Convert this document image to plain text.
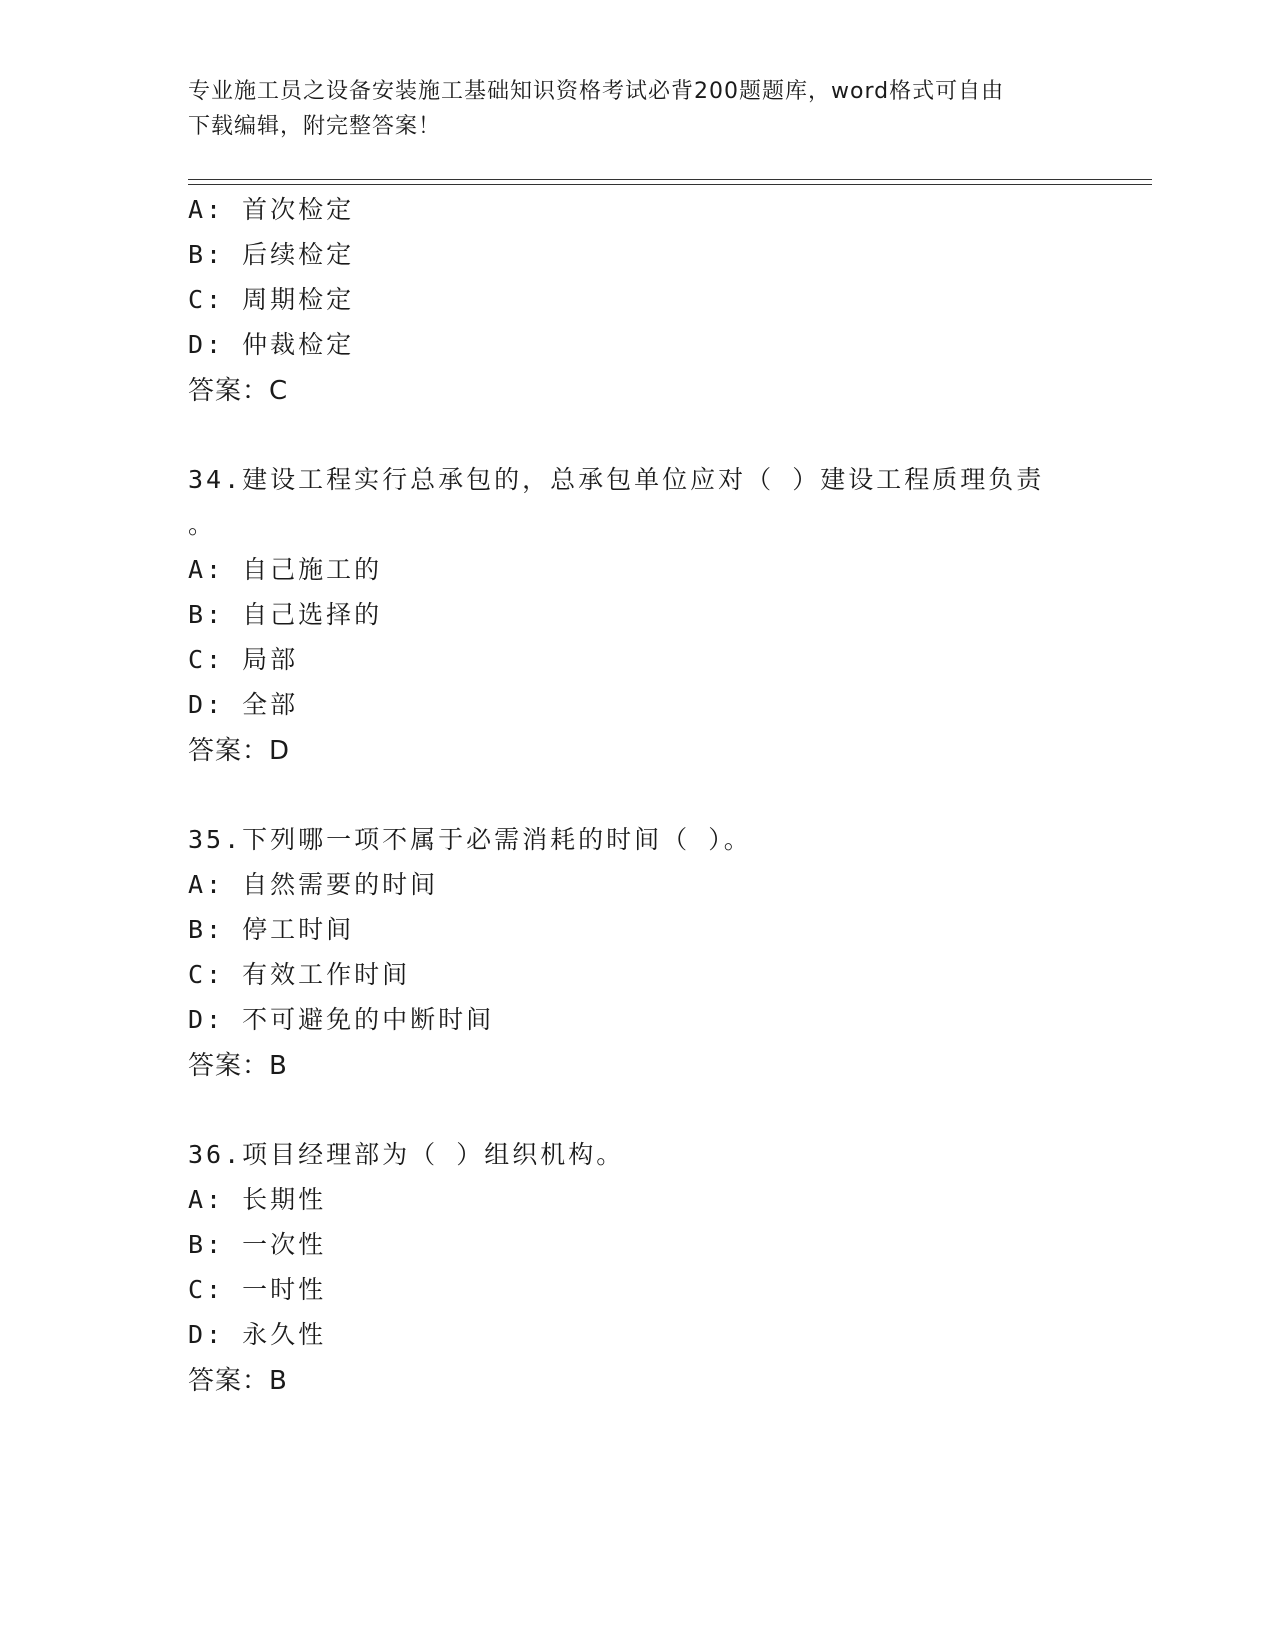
专业施工员之设备安装施工基础知识资格考试必背200题题库，word格式可自由
下载编辑，附完整答案！
A: 首次检定
B: 后续检定
C: 周期检定
D: 仲裁检定
答案：C
34.建设工程实行总承包的，总承包单位应对（ ）建设工程质理负责
。
A: 自己施工的
B: 自己选择的
C: 局部
D: 全部
答案：D
35.下列哪一项不属于必需消耗的时间（ ）。
A: 自然需要的时间
B: 停工时间
C: 有效工作时间
D: 不可避免的中断时间
答案：B
36.项目经理部为（ ）组织机构。
A: 长期性
B: 一次性
C: 一时性
D: 永久性
答案：B
